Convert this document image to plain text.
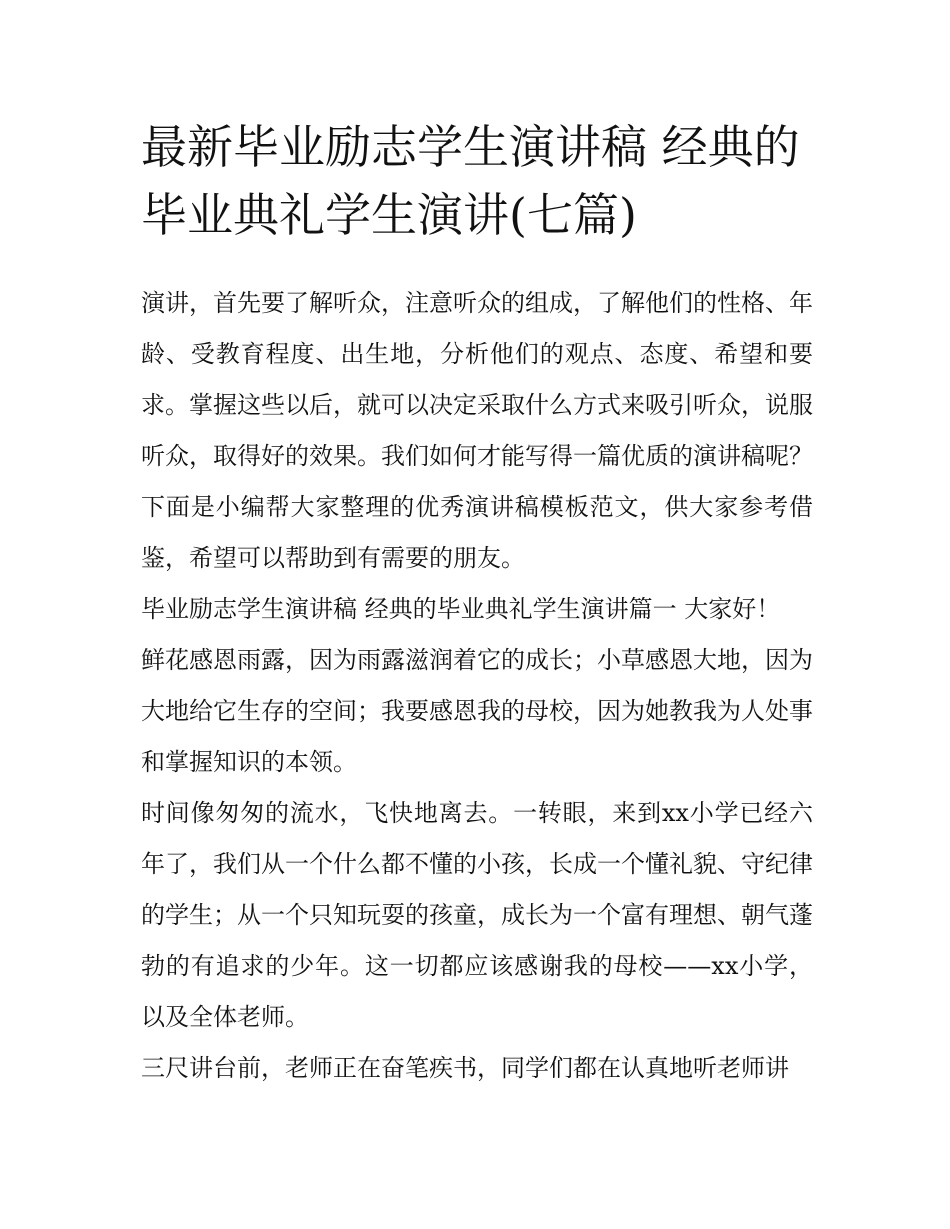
最新毕业励志学生演讲稿 经典的毕业典礼学生演讲(七篇)

演讲，首先要了解听众，注意听众的组成，了解他们的性格、年龄、受教育程度、出生地，分析他们的观点、态度、希望和要求。掌握这些以后，就可以决定采取什么方式来吸引听众，说服听众，取得好的效果。我们如何才能写得一篇优质的演讲稿呢？下面是小编帮大家整理的优秀演讲稿模板范文，供大家参考借鉴，希望可以帮助到有需要的朋友。

毕业励志学生演讲稿 经典的毕业典礼学生演讲篇一 大家好！

鲜花感恩雨露，因为雨露滋润着它的成长；小草感恩大地，因为大地给它生存的空间；我要感恩我的母校，因为她教我为人处事和掌握知识的本领。

时间像匆匆的流水，飞快地离去。一转眼，来到xx小学已经六年了，我们从一个什么都不懂的小孩，长成一个懂礼貌、守纪律的学生；从一个只知玩耍的孩童，成长为一个富有理想、朝气蓬勃的有追求的少年。这一切都应该感谢我的母校——xx小学，以及全体老师。

三尺讲台前，老师正在奋笔疾书，同学们都在认真地听老师讲
